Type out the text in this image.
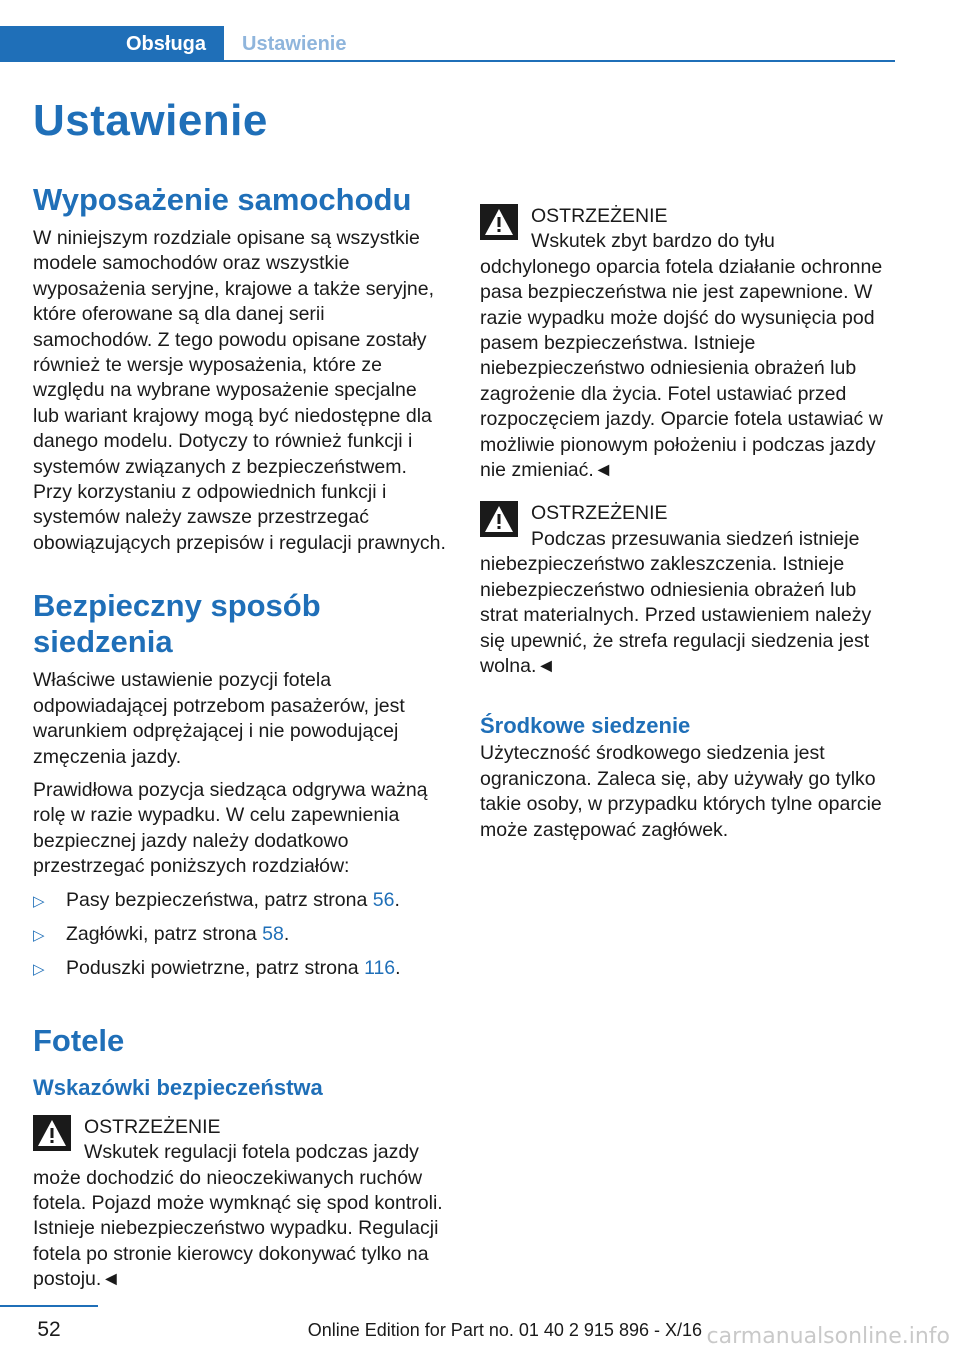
Obsługa	Ustawienie
Ustawienie
Wyposażenie samochodu

W niniejszym rozdziale opisane są wszystkie modele samochodów oraz wszystkie wyposażenia seryjne, krajowe a także seryjne, które oferowane są dla danej serii samochodów. Z tego powodu opisane zostały również te wersje wyposażenia, które ze względu na wybrane wyposażenie specjalne lub wariant krajowy mogą być niedostępne dla danego modelu. Dotyczy to również funkcji i systemów związanych z bezpieczeństwem. Przy korzystaniu z odpowiednich funkcji i systemów należy zawsze przestrzegać obowiązujących przepisów i regulacji prawnych.

Bezpieczny sposób siedzenia

Właściwe ustawienie pozycji fotela odpowiadającej potrzebom pasażerów, jest warunkiem odprężającej i nie powodującej zmęczenia jazdy.

Prawidłowa pozycja siedząca odgrywa ważną rolę w razie wypadku. W celu zapewnienia bezpiecznej jazdy należy dodatkowo przestrzegać poniższych rozdziałów:

▷ Pasy bezpieczeństwa, patrz strona 56.
▷ Zagłówki, patrz strona 58.
▷ Poduszki powietrzne, patrz strona 116.
Fotele
Wskazówki bezpieczeństwa
OSTRZEŻENIE

Wskutek regulacji fotela podczas jazdy może dochodzić do nieoczekiwanych ruchów fotela. Pojazd może wymknąć się spod kontroli. Istnieje niebezpieczeństwo wypadku. Regulacji fotela po stronie kierowcy dokonywać tylko na postoju.◄

OSTRZEŻENIE

Wskutek zbyt bardzo do tyłu odchylonego oparcia fotela działanie ochronne pasa bezpieczeństwa nie jest zapewnione. W razie wypadku może dojść do wysunięcia pod pasem bezpieczeństwa. Istnieje niebezpieczeństwo odniesienia obrażeń lub zagrożenie dla życia. Fotel ustawiać przed rozpoczęciem jazdy. Oparcie fotela ustawiać w możliwie pionowym położeniu i podczas jazdy nie zmieniać.◄

OSTRZEŻENIE

Podczas przesuwania siedzeń istnieje niebezpieczeństwo zakleszczenia. Istnieje niebezpieczeństwo odniesienia obrażeń lub strat materialnych. Przed ustawieniem należy się upewnić, że strefa regulacji siedzenia jest wolna.◄

Środkowe siedzenie

Użyteczność środkowego siedzenia jest ograniczona. Zaleca się, aby używały go tylko takie osoby, w przypadku których tylne oparcie może zastępować zagłówek.

52	Online Edition for Part no. 01 40 2 915 896 - X/16 carmanualsonline.info
